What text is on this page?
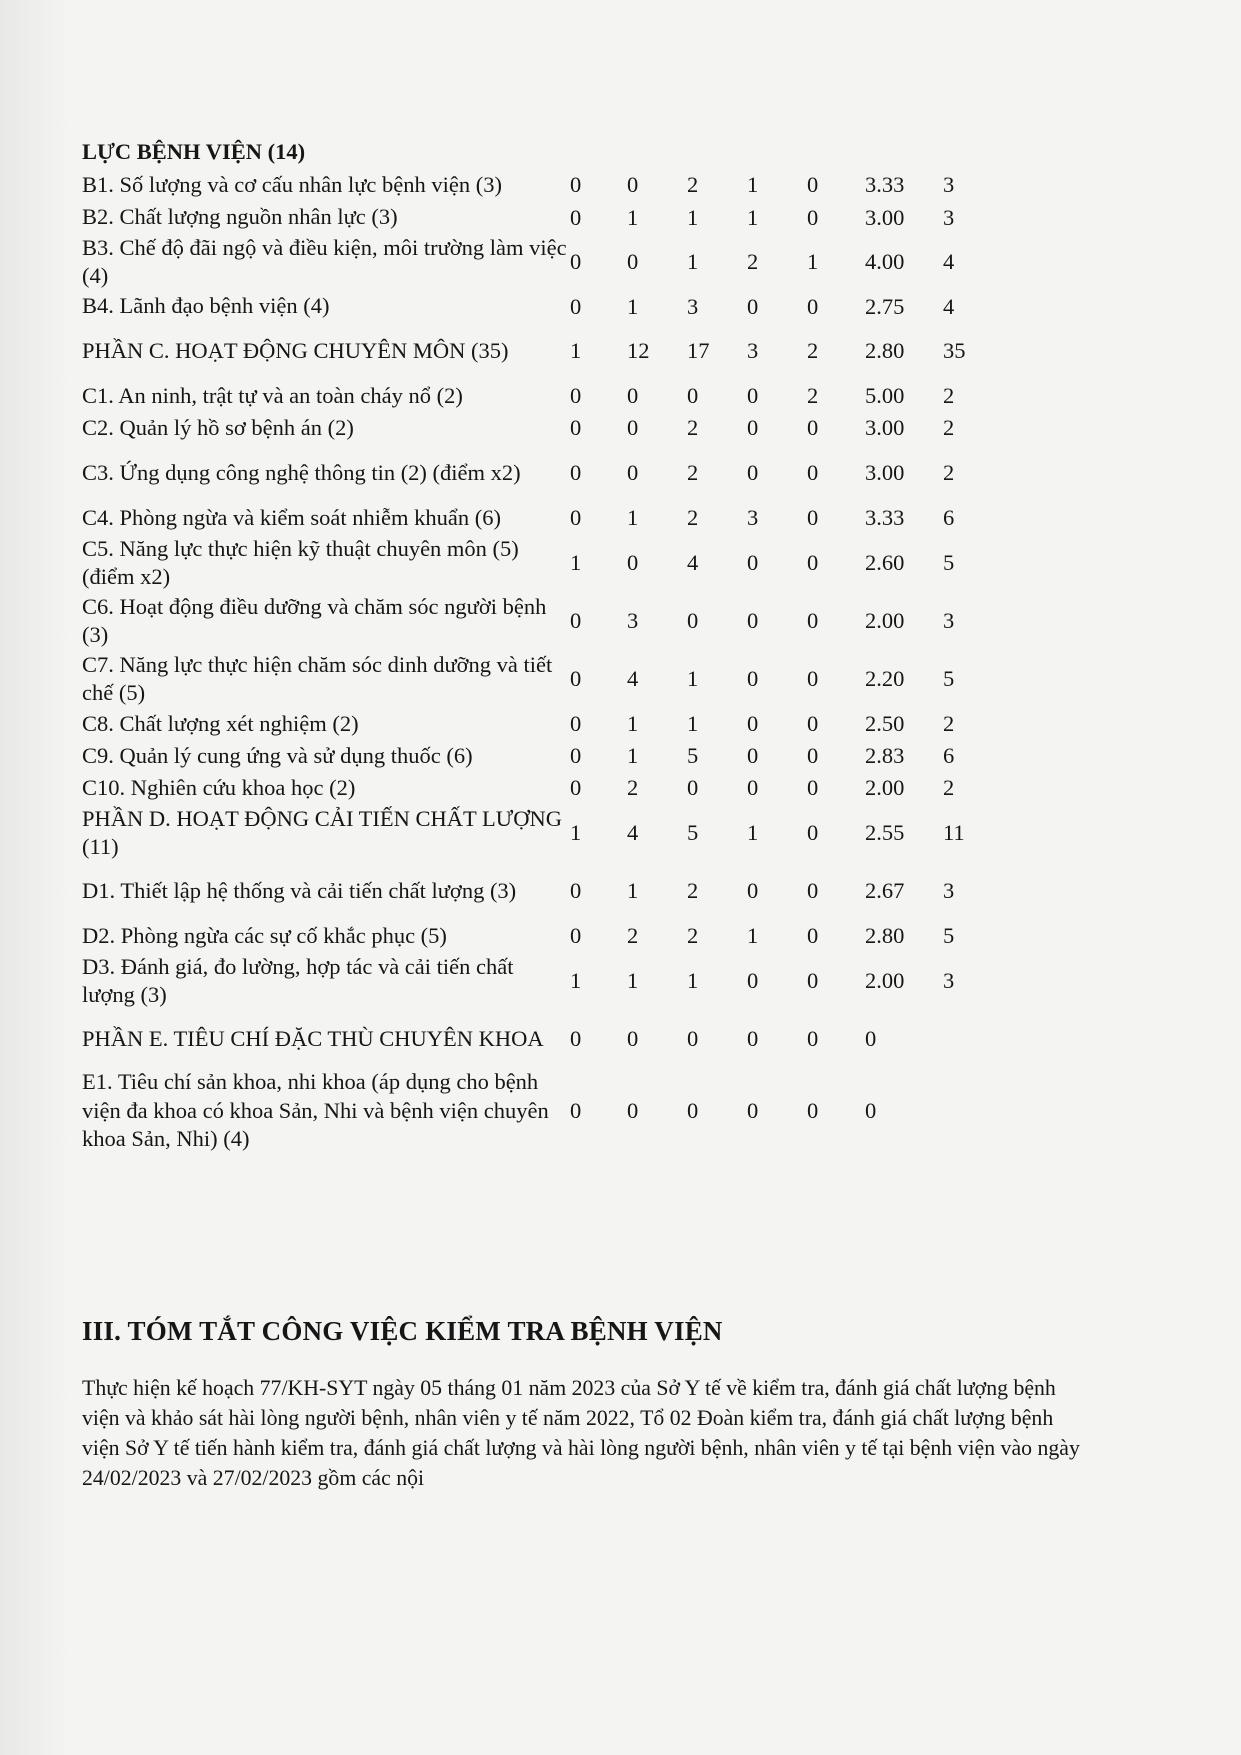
LỰC BỆNH VIỆN (14)
B1. Số lượng và cơ cấu nhân lực bệnh viện (3)	0 0 2 1 0 3.33 3
B2. Chất lượng nguồn nhân lực (3)	0 1 1 1 0 3.00 3
B3. Chế độ đãi ngộ và điều kiện, môi trường làm việc (4)
0 0 1 2 1 4.00 4
B4. Lãnh đạo bệnh viện (4)	0 1 3 0 0 2.75 4
PHẦN C. HOẠT ĐỘNG CHUYÊN MÔN (35)	1 12 17 3 2 2.80 35
C1. An ninh, trật tự và an toàn cháy nổ (2)	0 0 0 0 2 5.00 2
C2. Quản lý hồ sơ bệnh án (2)	0 0 2 0 0 3.00 2
C3. Ứng dụng công nghệ thông tin (2) (điểm x2)	0 0 2 0 0 3.00 2
C4. Phòng ngừa và kiểm soát nhiễm khuẩn (6)	0 1 2 3 0 3.33 6
C5. Năng lực thực hiện kỹ thuật chuyên môn (5) (điểm x2)
1 0 4 0 0 2.60 5
C6. Hoạt động điều dưỡng và chăm sóc người bệnh (3)
0 3 0 0 0 2.00 3
C7. Năng lực thực hiện chăm sóc dinh dưỡng và tiết chế (5)
0 4 1 0 0 2.20 5
C8. Chất lượng xét nghiệm (2)	0 1 1 0 0 2.50 2
C9. Quản lý cung ứng và sử dụng thuốc (6)	0 1 5 0 0 2.83 6
C10. Nghiên cứu khoa học (2)	0 2 0 0 0 2.00 2
PHẦN D. HOẠT ĐỘNG CẢI TIẾN CHẤT LƯỢNG (11)
1 4 5 1 0 2.55 11
D1. Thiết lập hệ thống và cải tiến chất lượng (3)	0 1 2 0 0 2.67 3
D2. Phòng ngừa các sự cố khắc phục (5)	0 2 2 1 0 2.80 5
D3. Đánh giá, đo lường, hợp tác và cải tiến chất lượng (3)
1 1 1 0 0 2.00 3
PHẦN E. TIÊU CHÍ ĐẶC THÙ CHUYÊN KHOA	0 0 0 0 0 0
E1. Tiêu chí sản khoa, nhi khoa (áp dụng cho bệnh viện đa khoa có khoa Sản, Nhi và bệnh viện chuyên khoa Sản, Nhi) (4)
0 0 0 0 0 0
III. TÓM TẮT CÔNG VIỆC KIỂM TRA BỆNH VIỆN
Thực hiện kế hoạch 77/KH-SYT ngày 05 tháng 01 năm 2023 của Sở Y tế về kiểm tra, đánh giá chất lượng bệnh viện và khảo sát hài lòng người bệnh, nhân viên y tế năm 2022, Tổ 02 Đoàn kiểm tra, đánh giá chất lượng bệnh viện Sở Y tế tiến hành kiểm tra, đánh giá chất lượng và hài lòng người bệnh, nhân viên y tế tại bệnh viện vào ngày 24/02/2023 và 27/02/2023 gồm các nội
